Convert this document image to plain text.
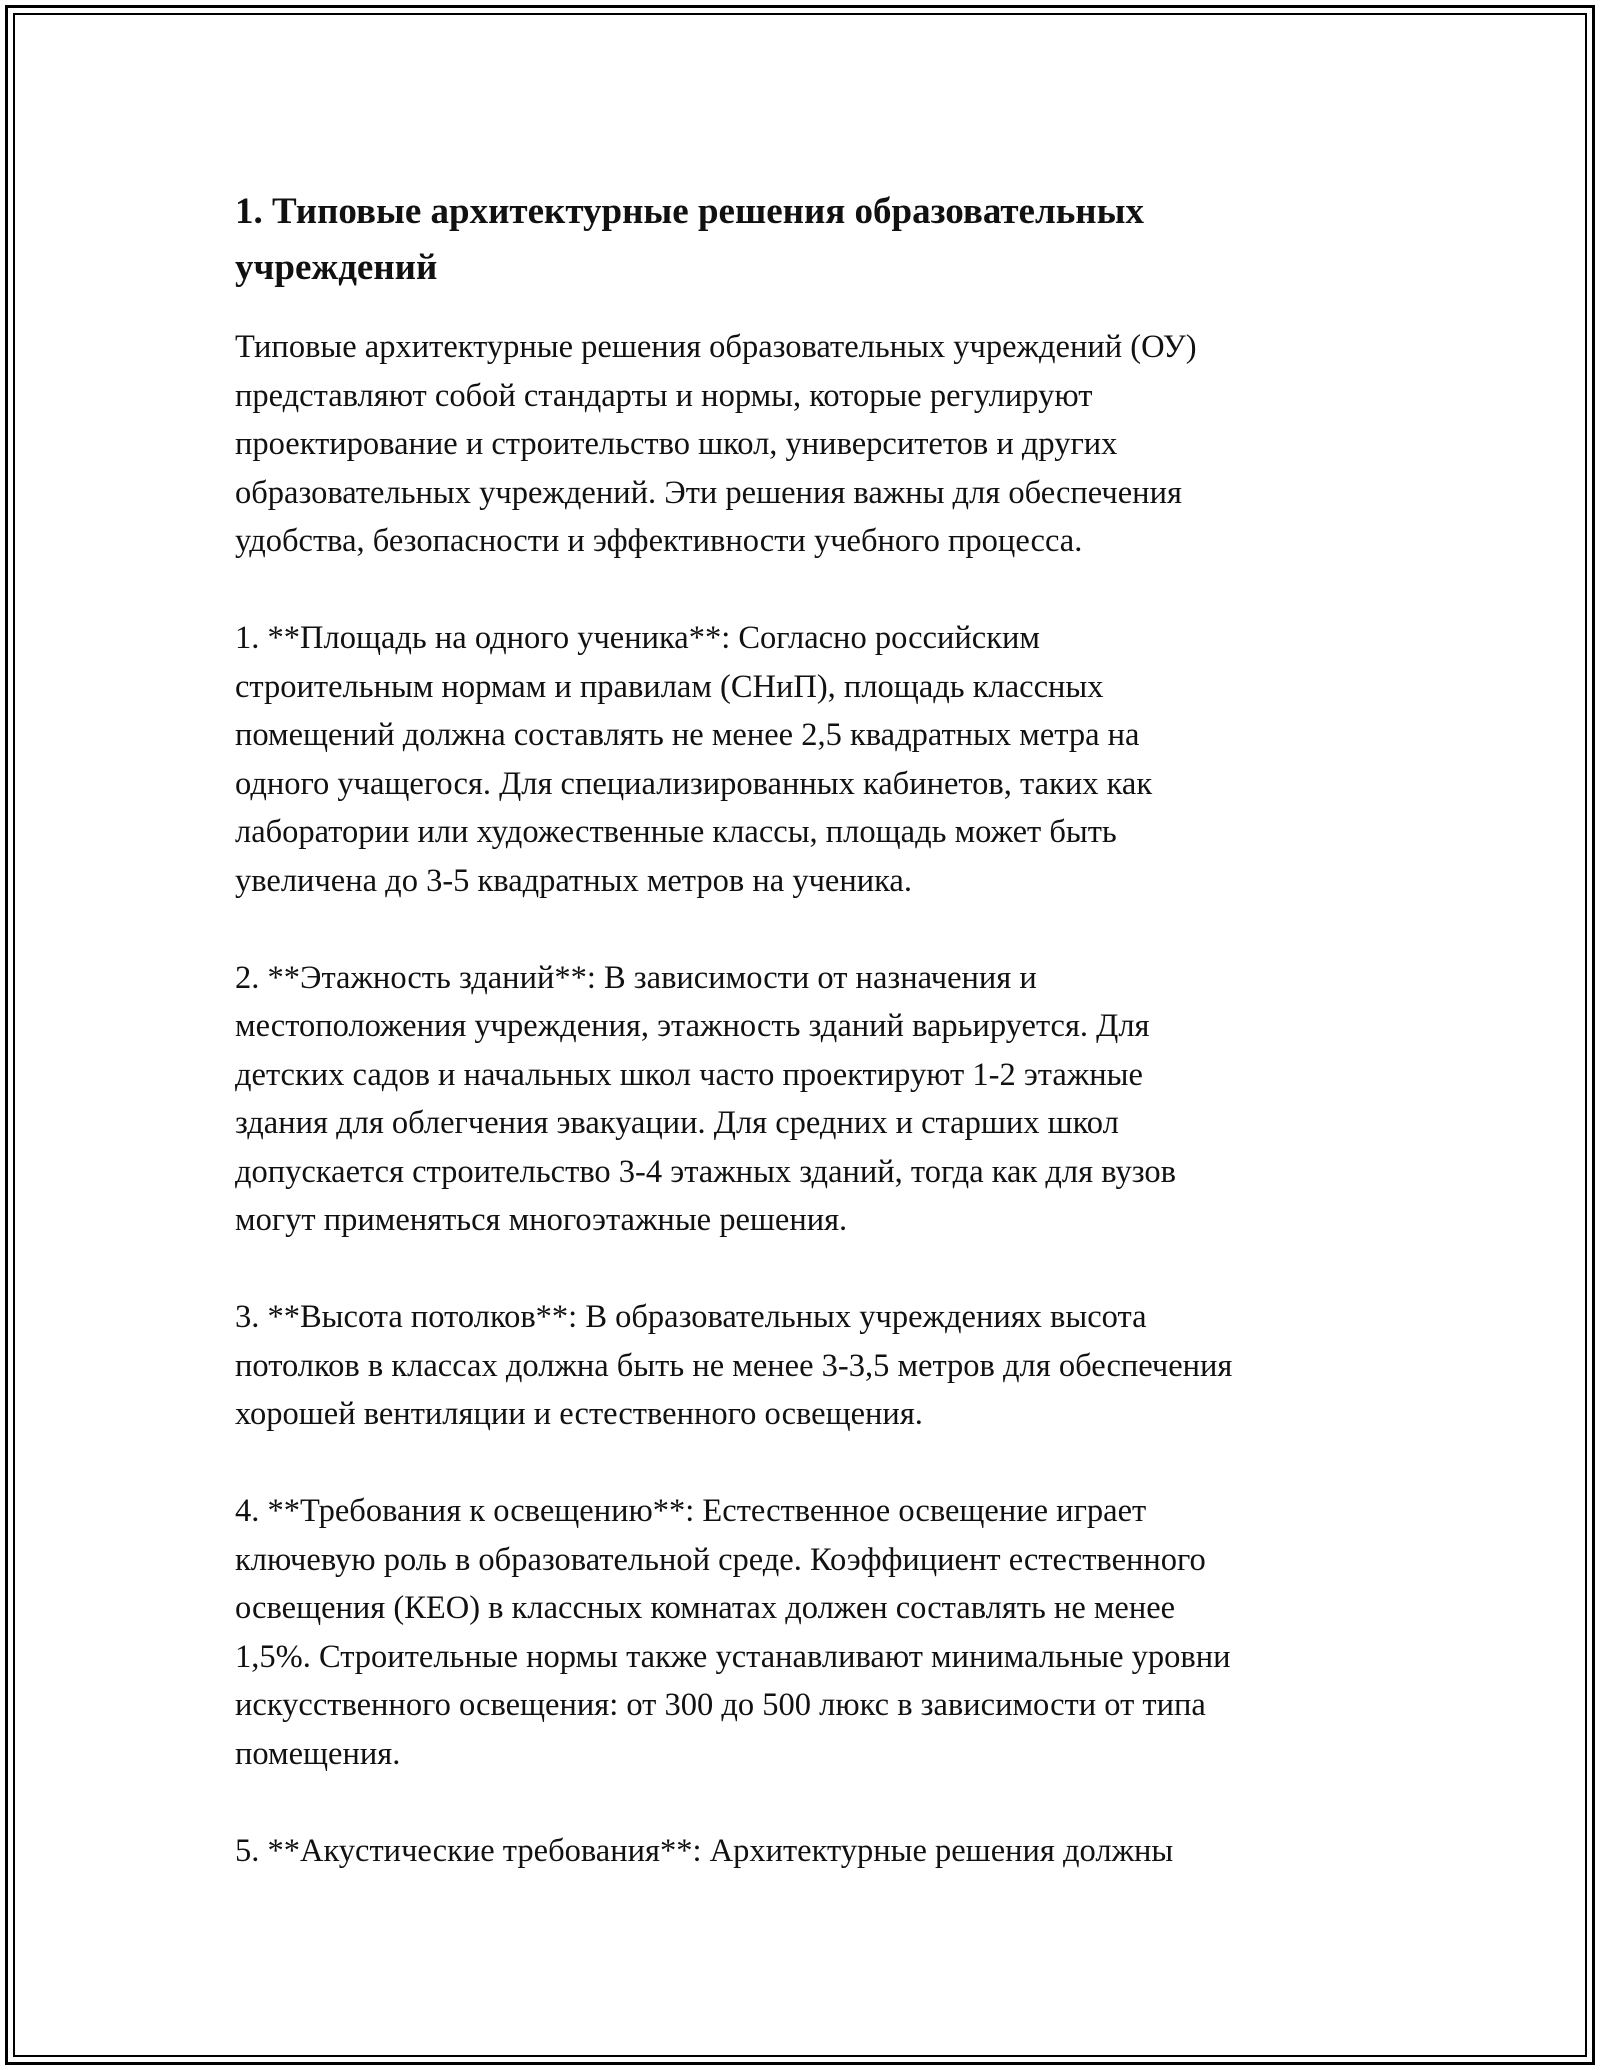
1. Типовые архитектурные решения образовательных учреждений

Типовые архитектурные решения образовательных учреждений (ОУ)
представляют собой стандарты и нормы, которые регулируют
проектирование и строительство школ, университетов и других
образовательных учреждений. Эти решения важны для обеспечения
удобства, безопасности и эффективности учебного процесса.

1. **Площадь на одного ученика**: Согласно российским
строительным нормам и правилам (СНиП), площадь классных
помещений должна составлять не менее 2,5 квадратных метра на
одного учащегося. Для специализированных кабинетов, таких как
лаборатории или художественные классы, площадь может быть
увеличена до 3-5 квадратных метров на ученика.

2. **Этажность зданий**: В зависимости от назначения и
местоположения учреждения, этажность зданий варьируется. Для
детских садов и начальных школ часто проектируют 1-2 этажные
здания для облегчения эвакуации. Для средних и старших школ
допускается строительство 3-4 этажных зданий, тогда как для вузов
могут применяться многоэтажные решения.

3. **Высота потолков**: В образовательных учреждениях высота
потолков в классах должна быть не менее 3-3,5 метров для обеспечения
хорошей вентиляции и естественного освещения.

4. **Требования к освещению**: Естественное освещение играет
ключевую роль в образовательной среде. Коэффициент естественного
освещения (КЕО) в классных комнатах должен составлять не менее
1,5%. Строительные нормы также устанавливают минимальные уровни
искусственного освещения: от 300 до 500 люкс в зависимости от типа
помещения.

5. **Акустические требования**: Архитектурные решения должны
